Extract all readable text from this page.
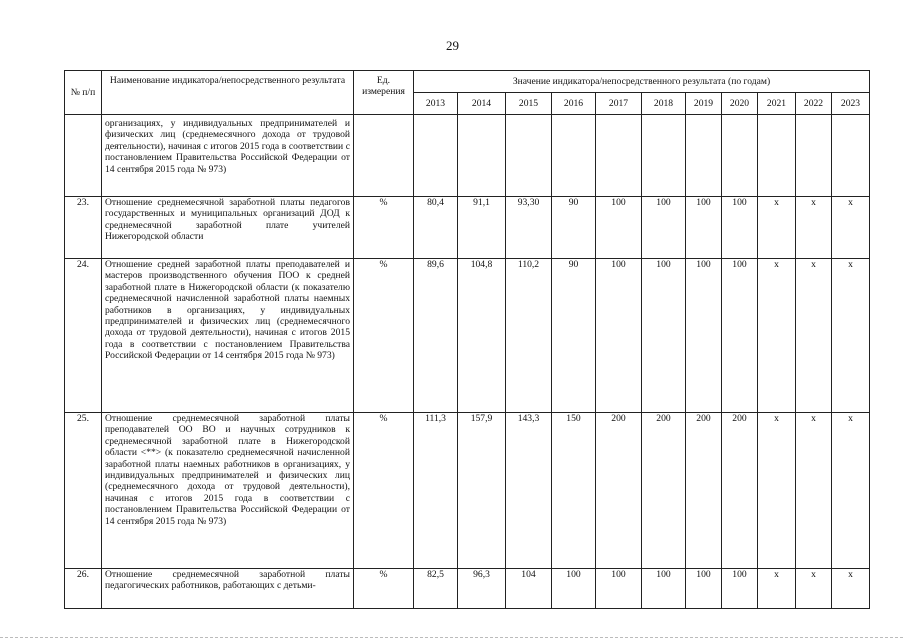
29
№ п/п	Наименование индикатора/непосредственного результата	Ед. измерения	Значение индикатора/непосредственного результата (по годам)										
			2013	2014	2015	2016	2017	2018	2019	2020	2021	2022	2023
	организациях, у индивидуальных предпринимателей и физических лиц (среднемесячного дохода от трудовой деятельности), начиная с итогов 2015 года в соответствии с постановлением Правительства Российской Федерации от 14 сентября 2015 года № 973)												
23.	Отношение среднемесячной заработной платы педагогов государственных и муниципальных организаций ДОД к среднемесячной заработной плате учителей Нижегородской области	%	80,4	91,1	93,30	90	100	100	100	100	х	х	х
24.	Отношение средней заработной платы преподавателей и мастеров производственного обучения ПОО к средней заработной плате в Нижегородской области (к показателю среднемесячной начисленной заработной платы наемных работников в организациях, у индивидуальных предпринимателей и физических лиц (среднемесячного дохода от трудовой деятельности), начиная с итогов 2015 года в соответствии с постановлением Правительства Российской Федерации от 14 сентября 2015 года № 973)	%	89,6	104,8	110,2	90	100	100	100	100	х	х	х
25.	Отношение среднемесячной заработной платы преподавателей ОО ВО и научных сотрудников к среднемесячной заработной плате в Нижегородской области <**> (к показателю среднемесячной начисленной заработной платы наемных работников в организациях, у индивидуальных предпринимателей и физических лиц (среднемесячного дохода от трудовой деятельности), начиная с итогов 2015 года в соответствии с постановлением Правительства Российской Федерации от 14 сентября 2015 года № 973)	%	111,3	157,9	143,3	150	200	200	200	200	х	х	х
26.	Отношение среднемесячной заработной платы педагогических работников, работающих с детьми-	%	82,5	96,3	104	100	100	100	100	100	х	х	х
